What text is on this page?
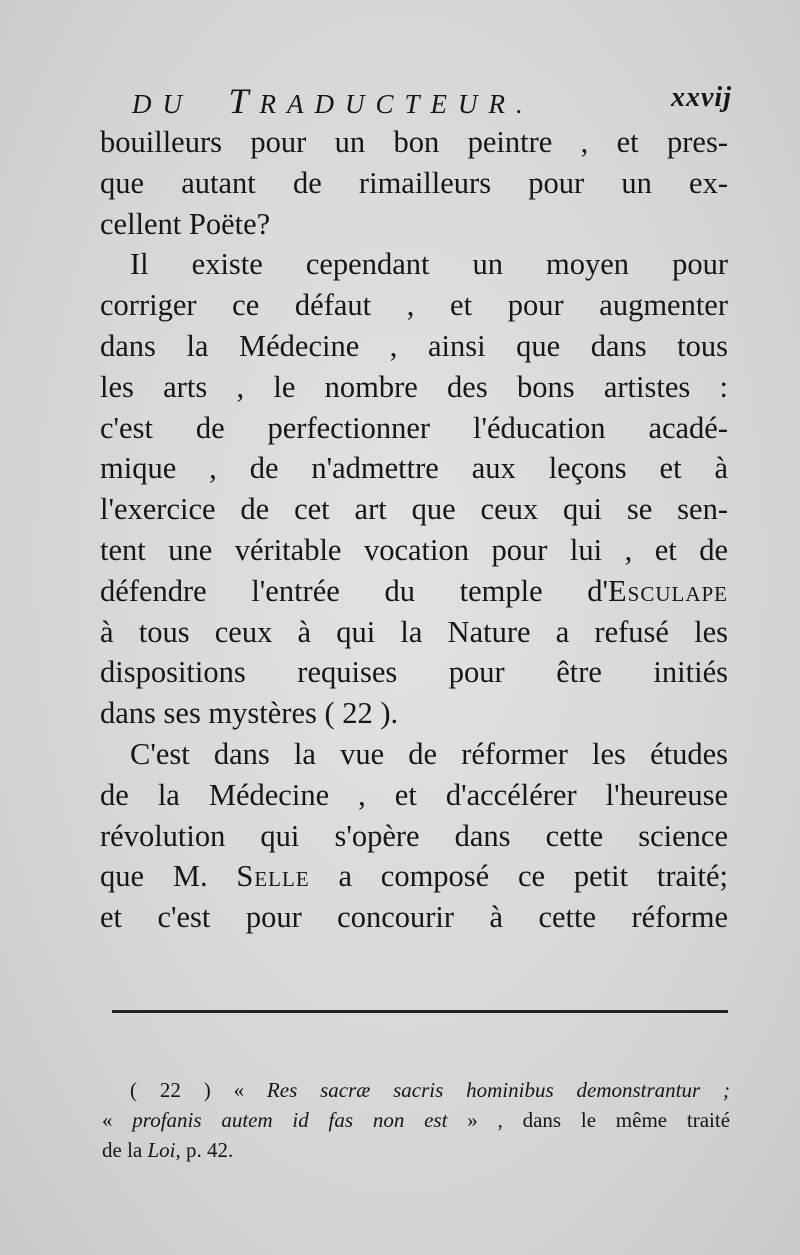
DU TRADUCTEUR.	xxvij
bouilleurs pour un bon peintre , et pres-
que autant de rimailleurs pour un ex-
cellent Poëte?
Il existe cependant un moyen pour
corriger ce défaut , et pour augmenter
dans la Médecine , ainsi que dans tous
les arts , le nombre des bons artistes :
c'est de perfectionner l'éducation acadé-
mique , de n'admettre aux leçons et à
l'exercice de cet art que ceux qui se sen-
tent une véritable vocation pour lui , et de
défendre l'entrée du temple d'Esculape
à tous ceux à qui la Nature a refusé les
dispositions requises pour être initiés
dans ses mystères ( 22 ).
C'est dans la vue de réformer les études
de la Médecine , et d'accélérer l'heureuse
révolution qui s'opère dans cette science
que M. Selle a composé ce petit traité;
et c'est pour concourir à cette réforme
( 22 ) « Res sacræ sacris hominibus demonstrantur ;
« profanis autem id fas non est » , dans le même traité
de la Loi, p. 42.
